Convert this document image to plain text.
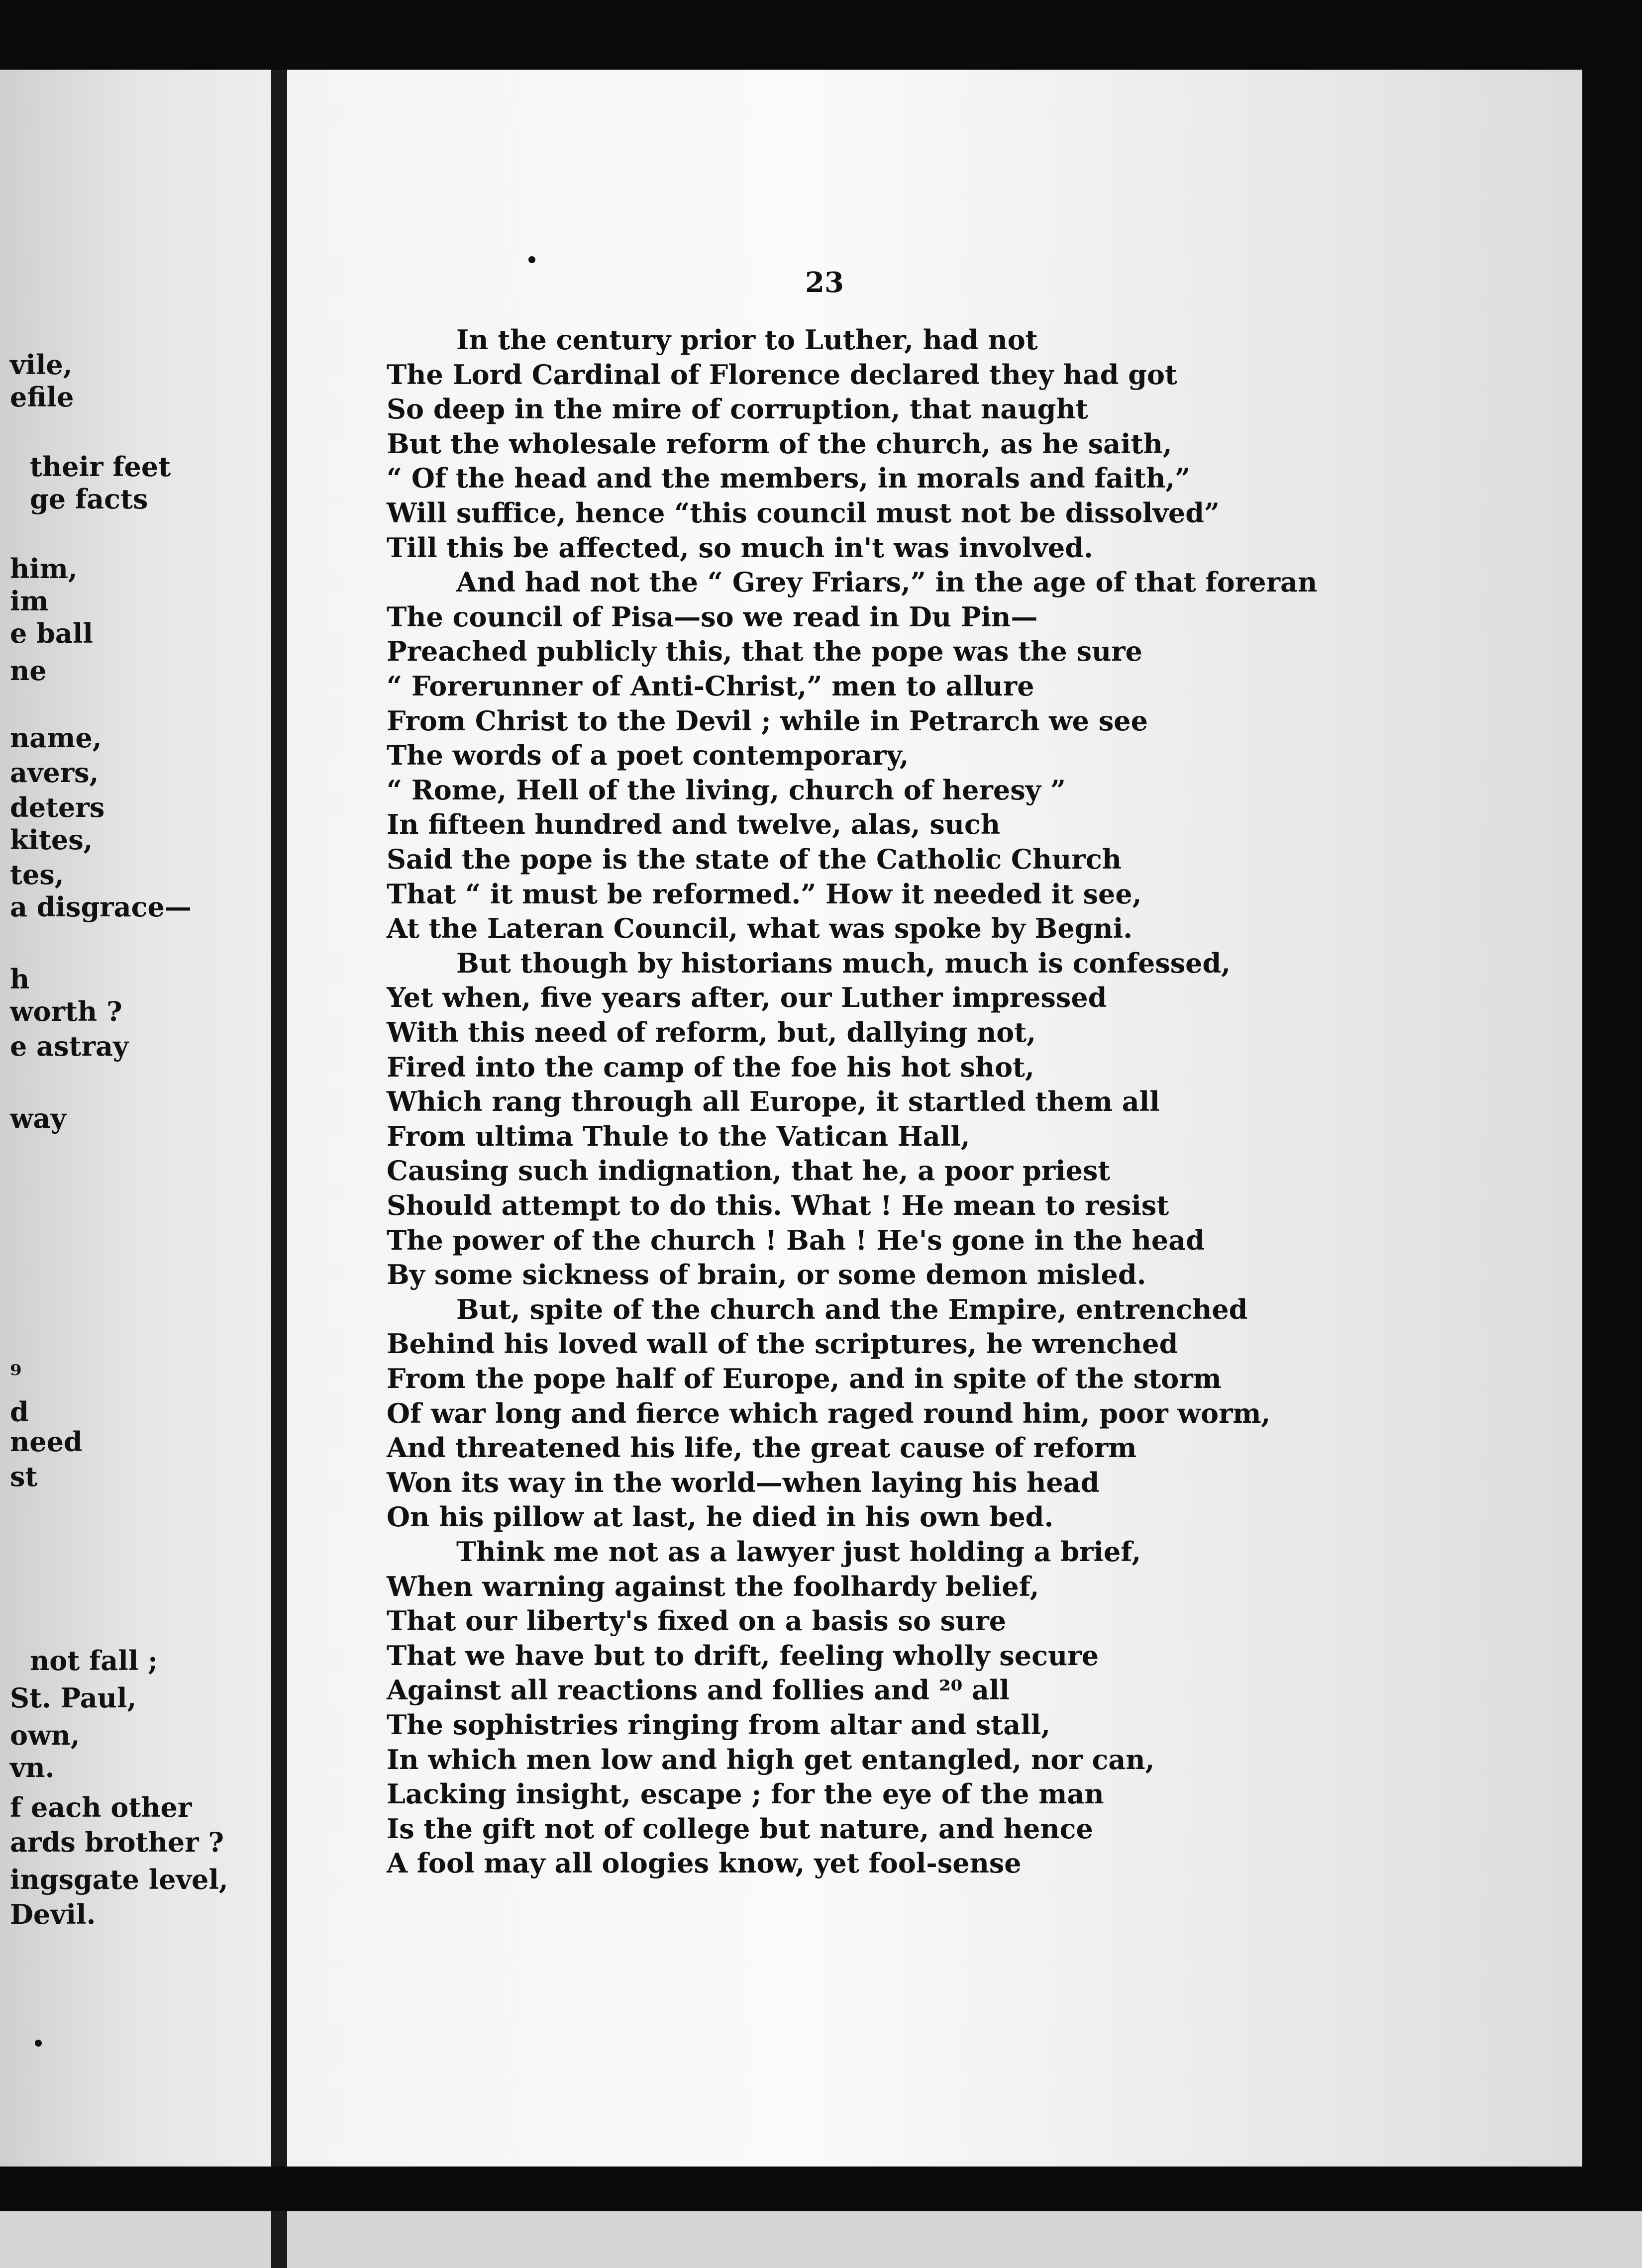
vile,
efile
their feet
ge facts
him,
im
e ball
ne
name,
avers,
deters
kites,
tes,
a disgrace—
h
worth ?
e astray
way
⁹
d
need
st
not fall ;
St. Paul,
own,
vn.
f each other
ards brother ?
ingsgate level,
Devil.
23
In the century prior to Luther, had not
The Lord Cardinal of Florence declared they had got
So deep in the mire of corruption, that naught
But the wholesale reform of the church, as he saith,
“ Of the head and the members, in morals and faith,”
Will suffice, hence “this council must not be dissolved”
Till this be affected, so much in't was involved.
And had not the “ Grey Friars,” in the age of that foreran
The council of Pisa—so we read in Du Pin—
Preached publicly this, that the pope was the sure
“ Forerunner of Anti-Christ,” men to allure
From Christ to the Devil ; while in Petrarch we see
The words of a poet contemporary,
“ Rome, Hell of the living, church of heresy ”
In fifteen hundred and twelve, alas, such
Said the pope is the state of the Catholic Church
That “ it must be reformed.” How it needed it see,
At the Lateran Council, what was spoke by Begni.
But though by historians much, much is confessed,
Yet when, five years after, our Luther impressed
With this need of reform, but, dallying not,
Fired into the camp of the foe his hot shot,
Which rang through all Europe, it startled them all
From ultima Thule to the Vatican Hall,
Causing such indignation, that he, a poor priest
Should attempt to do this. What ! He mean to resist
The power of the church ! Bah ! He's gone in the head
By some sickness of brain, or some demon misled.
But, spite of the church and the Empire, entrenched
Behind his loved wall of the scriptures, he wrenched
From the pope half of Europe, and in spite of the storm
Of war long and fierce which raged round him, poor worm,
And threatened his life, the great cause of reform
Won its way in the world—when laying his head
On his pillow at last, he died in his own bed.
Think me not as a lawyer just holding a brief,
When warning against the foolhardy belief,
That our liberty's fixed on a basis so sure
That we have but to drift, feeling wholly secure
Against all reactions and follies and ²⁰ all
The sophistries ringing from altar and stall,
In which men low and high get entangled, nor can,
Lacking insight, escape ; for the eye of the man
Is the gift not of college but nature, and hence
A fool may all ologies know, yet fool-sense
